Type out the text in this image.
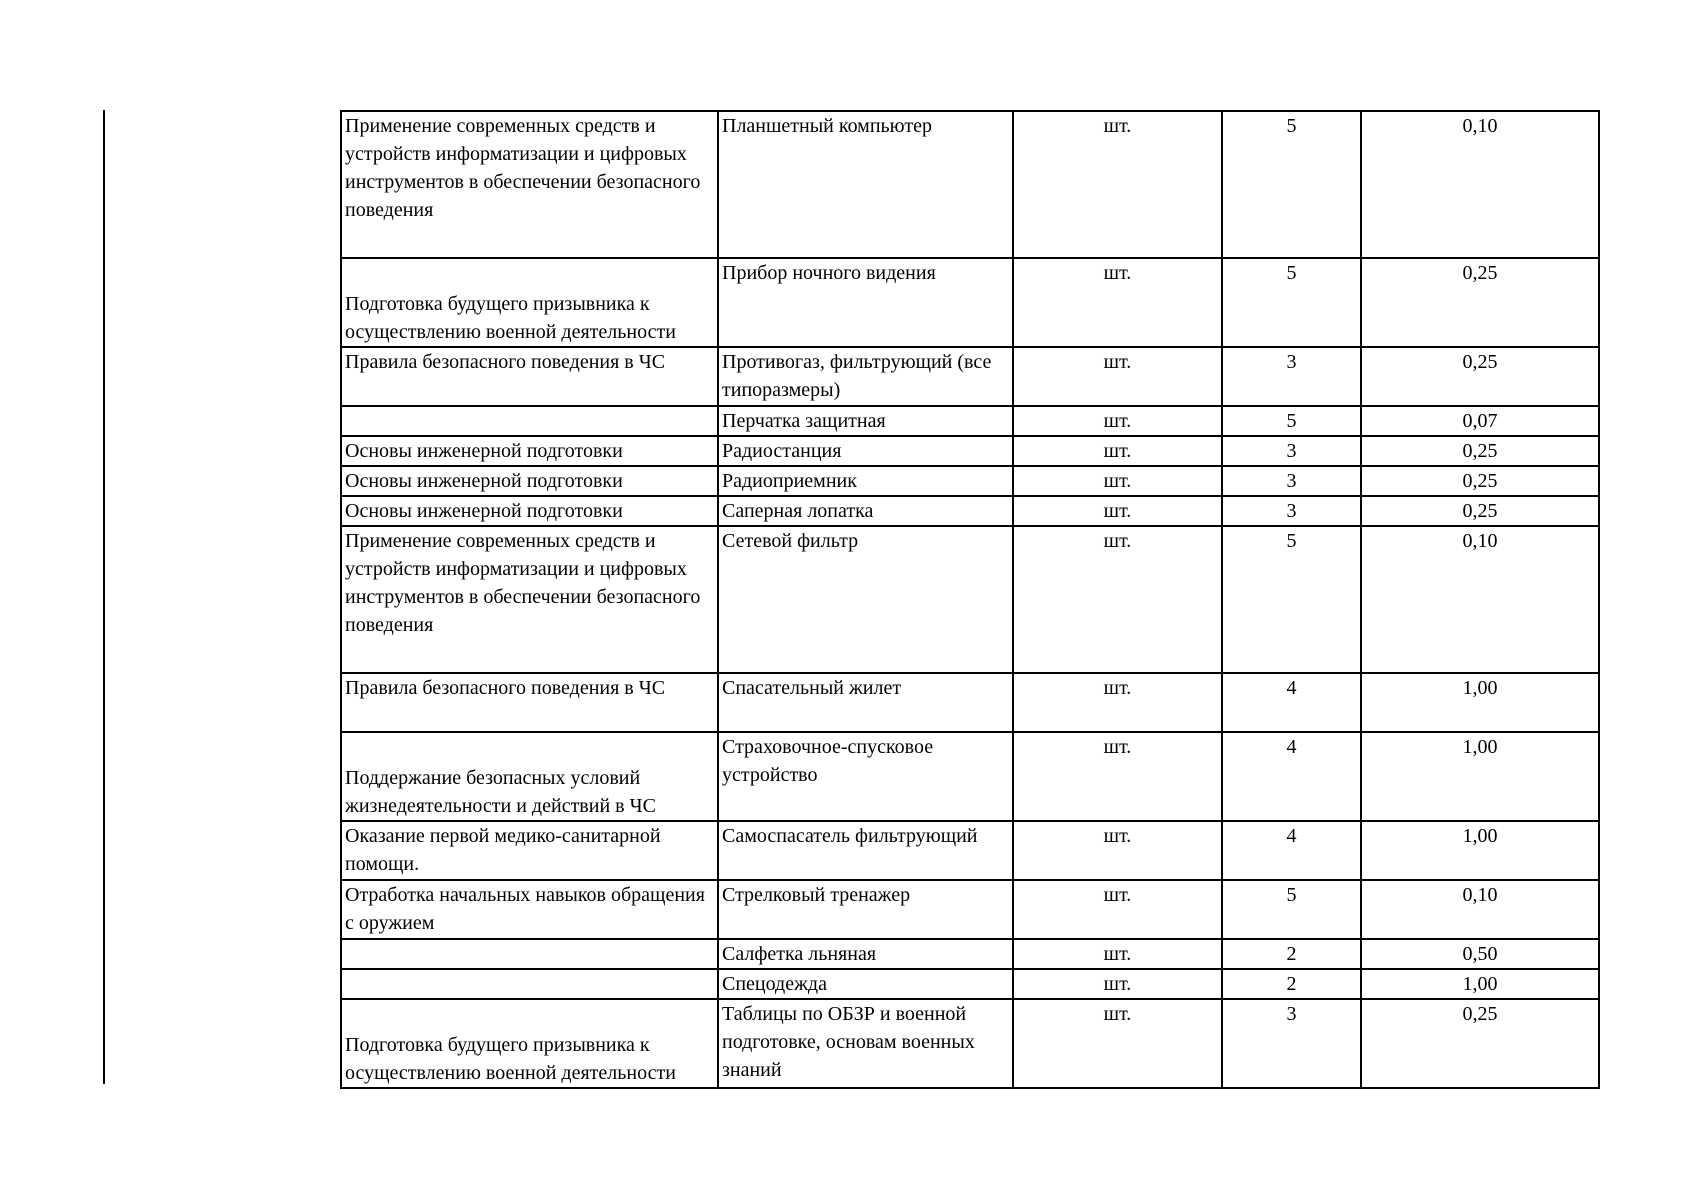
Применение современных средств и устройств информатизации и цифровых инструментов в обеспечении безопасного поведения	Планшетный компьютер	шт.	5	0,10
Подготовка будущего призывника к осуществлению военной деятельности	Прибор ночного видения	шт.	5	0,25
Правила безопасного поведения в ЧС	Противогаз, фильтрующий (все типоразмеры)	шт.	3	0,25
	Перчатка защитная	шт.	5	0,07
Основы инженерной подготовки	Радиостанция	шт.	3	0,25
Основы инженерной подготовки	Радиоприемник	шт.	3	0,25
Основы инженерной подготовки	Саперная лопатка	шт.	3	0,25
Применение современных средств и устройств информатизации и цифровых инструментов в обеспечении безопасного поведения	Сетевой фильтр	шт.	5	0,10
Правила безопасного поведения в ЧС	Спасательный жилет	шт.	4	1,00
Поддержание безопасных условий жизнедеятельности и действий в ЧС	Страховочное-спусковое устройство	шт.	4	1,00
Оказание первой медико-санитарной помощи.	Самоспасатель фильтрующий	шт.	4	1,00
Отработка начальных навыков обращения с оружием	Стрелковый тренажер	шт.	5	0,10
	Салфетка льняная	шт.	2	0,50
	Спецодежда	шт.	2	1,00
Подготовка будущего призывника к осуществлению военной деятельности	Таблицы по ОБЗР и военной подготовке, основам военных знаний	шт.	3	0,25
